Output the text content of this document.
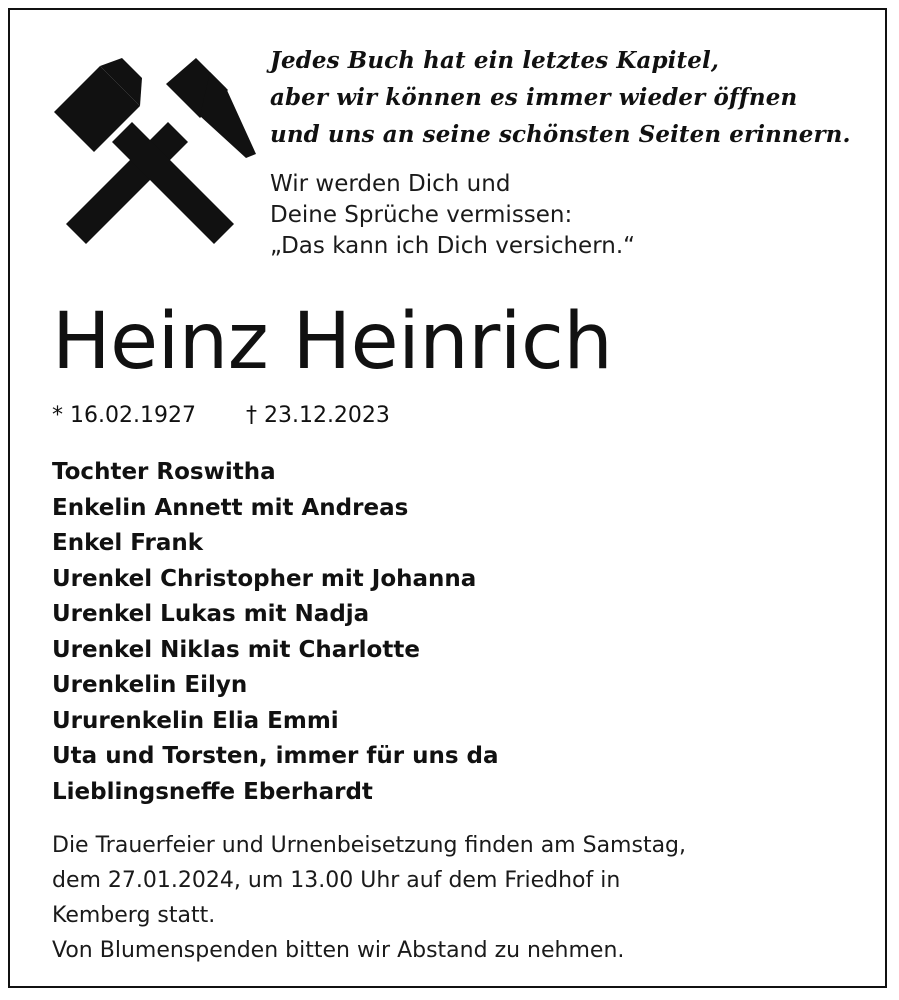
Jedes Buch hat ein letztes Kapitel,
aber wir können es immer wieder öffnen
und uns an seine schönsten Seiten erinnern.
Wir werden Dich und
Deine Sprüche vermissen:
„Das kann ich Dich versichern.“
Heinz Heinrich
* 16.02.1927 † 23.12.2023
Tochter Roswitha
Enkelin Annett mit Andreas
Enkel Frank
Urenkel Christopher mit Johanna
Urenkel Lukas mit Nadja
Urenkel Niklas mit Charlotte
Urenkelin Eilyn
Ururenkelin Elia Emmi
Uta und Torsten, immer für uns da
Lieblingsneffe Eberhardt
Die Trauerfeier und Urnenbeisetzung finden am Samstag,
dem 27.01.2024, um 13.00 Uhr auf dem Friedhof in
Kemberg statt.
Von Blumenspenden bitten wir Abstand zu nehmen.
